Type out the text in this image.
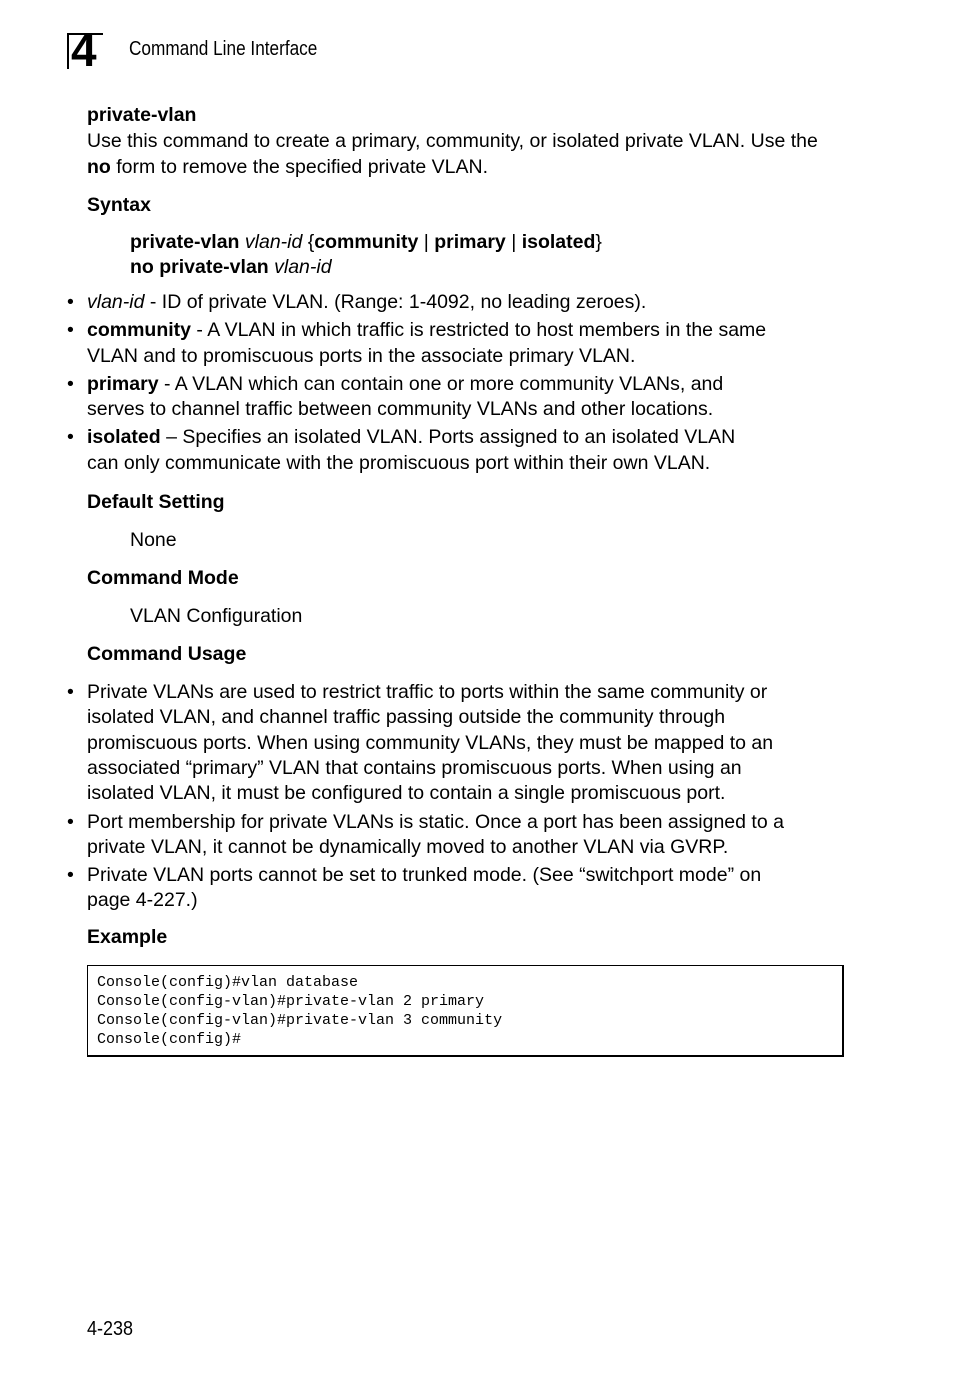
4 Command Line Interface
private-vlan
Use this command to create a primary, community, or isolated private VLAN. Use the no form to remove the specified private VLAN.
Syntax
private-vlan vlan-id {community | primary | isolated}
no private-vlan vlan-id
• vlan-id - ID of private VLAN. (Range: 1-4092, no leading zeroes).
• community - A VLAN in which traffic is restricted to host members in the same VLAN and to promiscuous ports in the associate primary VLAN.
• primary - A VLAN which can contain one or more community VLANs, and serves to channel traffic between community VLANs and other locations.
• isolated – Specifies an isolated VLAN. Ports assigned to an isolated VLAN can only communicate with the promiscuous port within their own VLAN.
Default Setting
None
Command Mode
VLAN Configuration
Command Usage
• Private VLANs are used to restrict traffic to ports within the same community or isolated VLAN, and channel traffic passing outside the community through promiscuous ports. When using community VLANs, they must be mapped to an associated “primary” VLAN that contains promiscuous ports. When using an isolated VLAN, it must be configured to contain a single promiscuous port.
• Port membership for private VLANs is static. Once a port has been assigned to a private VLAN, it cannot be dynamically moved to another VLAN via GVRP.
• Private VLAN ports cannot be set to trunked mode. (See “switchport mode” on page 4-227.)
Example
Console(config)#vlan database
Console(config-vlan)#private-vlan 2 primary
Console(config-vlan)#private-vlan 3 community
Console(config)#
4-238
